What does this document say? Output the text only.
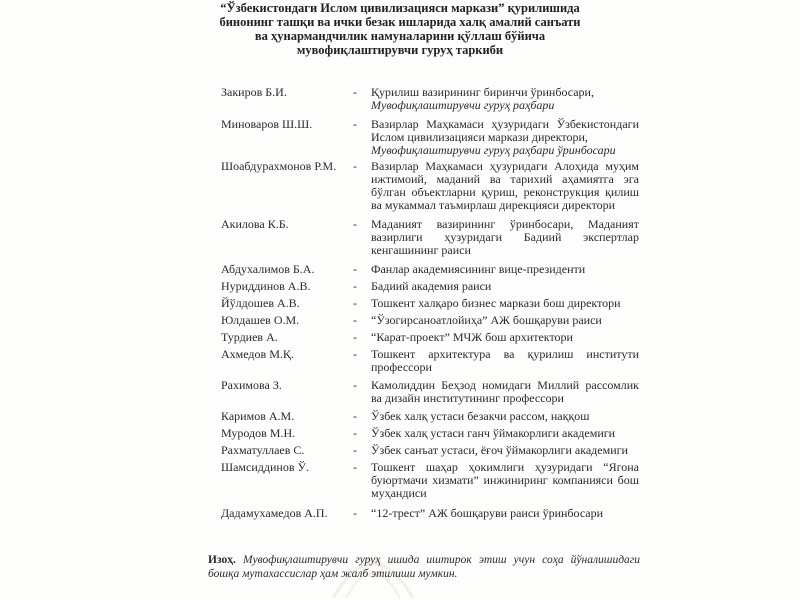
“Ўзбекистондаги Ислом цивилизацияси маркази” қурилишида
бинонинг ташқи ва ички безак ишларида халқ амалий санъати
ва ҳунармандчилик намуналарини қўллаш бўйича
мувофиқлаштирувчи гуруҳ таркиби
Закиров Б.И.	- Қурилиш вазирининг биринчи ўринбосари,
Мувофиқлаштирувчи гуруҳ раҳбари
Миноваров Ш.Ш.	- Вазирлар Маҳкамаси ҳузуридаги Ўзбекистондаги Ислом цивилизацияси маркази директори,
Мувофиқлаштирувчи гуруҳ раҳбари ўринбосари
Шоабдурахмонов Р.М. - Вазирлар Маҳкамаси ҳузуридаги Алоҳида муҳим ижтимоий, маданий ва тарихий аҳамиятга эга бўлган объектларни қуриш, реконструкция қилиш ва мукаммал таъмирлаш дирекцияси директори
Акилова К.Б.	- Маданият вазирининг ўринбосари, Маданият вазирлиги ҳузуридаги Бадиий экспертлар кенгашининг раиси
Абдухалимов Б.А.	- Фанлар академиясининг вице-президенти
Нуриддинов А.В.	- Бадиий академия раиси
Йўлдошев А.В.	- Тошкент халқаро бизнес маркази бош директори
Юлдашев О.М.	- “Ўзогирсаноатлойиҳа” АЖ бошқаруви раиси
Турдиев А.	- “Карат-проект” МЧЖ бош архитектори
Ахмедов М.Қ.	- Тошкент архитектура ва қурилиш институти профессори
Рахимова З.	- Камолиддин Беҳзод номидаги Миллий рассомлик ва дизайн институтининг профессори
Каримов А.М.	- Ўзбек халқ устаси безакчи рассом, наққош
Муродов М.Н.	- Ўзбек халқ устаси ганч ўймакорлиги академиги
Рахматуллаев С.	- Ўзбек санъат устаси, ёғоч ўймакорлиги академиги
Шамсиддинов Ў.	- Тошкент шаҳар ҳокимлиги ҳузуридаги “Ягона буюртмачи хизмати” инжиниринг компанияси бош муҳандиси
Дадамухамедов А.П. - “12-трест” АЖ бошқаруви раиси ўринбосари
Изоҳ. Мувофиқлаштирувчи гуруҳ ишида иштирок этиш учун соҳа йўналишидаги бошқа мутахассислар ҳам жалб этилиши мумкин.
